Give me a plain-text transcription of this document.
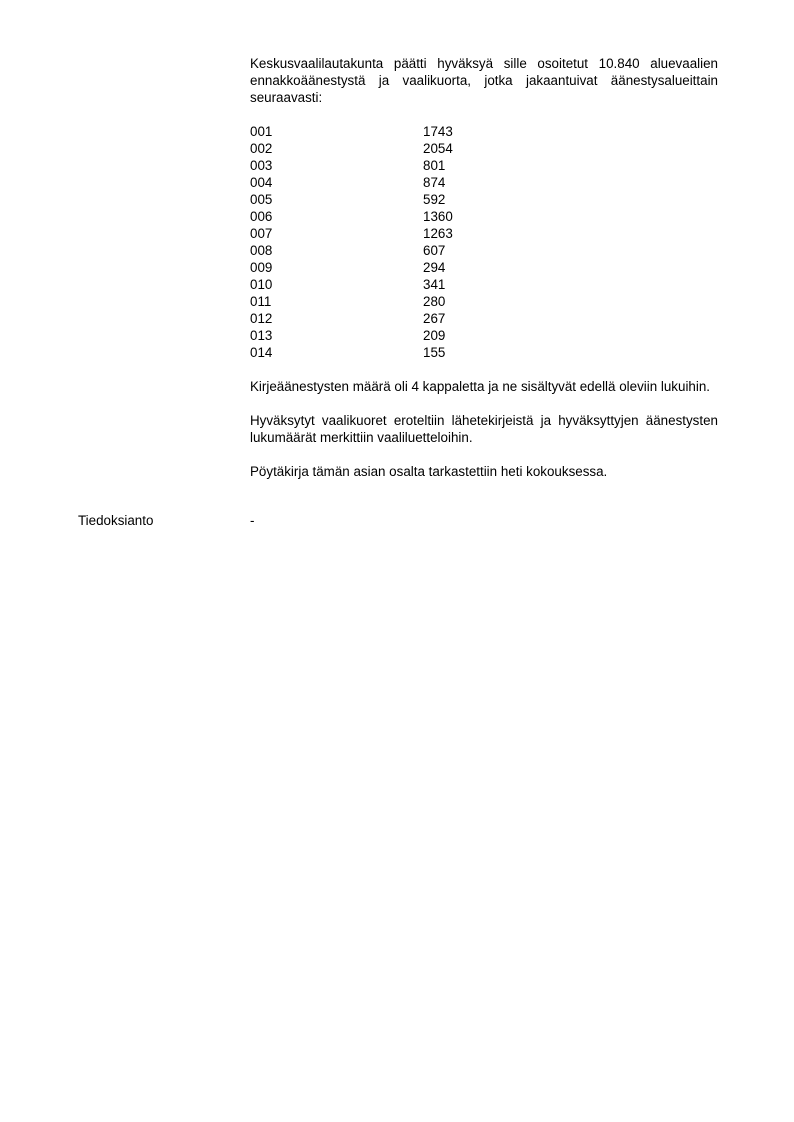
Keskusvaalilautakunta päätti hyväksyä sille osoitetut 10.840 aluevaalien ennakkoäänestystä ja vaalikuorta, jotka jakaantuivat äänestysalueittain seuraavasti:

001	1743
002	2054
003	801
004	874
005	592
006	1360
007	1263
008	607
009	294
010	341
011	280
012	267
013	209
014	155

Kirjeäänestysten määrä oli 4 kappaletta ja ne sisältyvät edellä oleviin lukuihin.

Hyväksytyt vaalikuoret eroteltiin lähetekirjeistä ja hyväksyttyjen äänestysten lukumäärät merkittiin vaaliluetteloihin.

Pöytäkirja tämän asian osalta tarkastettiin heti kokouksessa.

Tiedoksianto	-
